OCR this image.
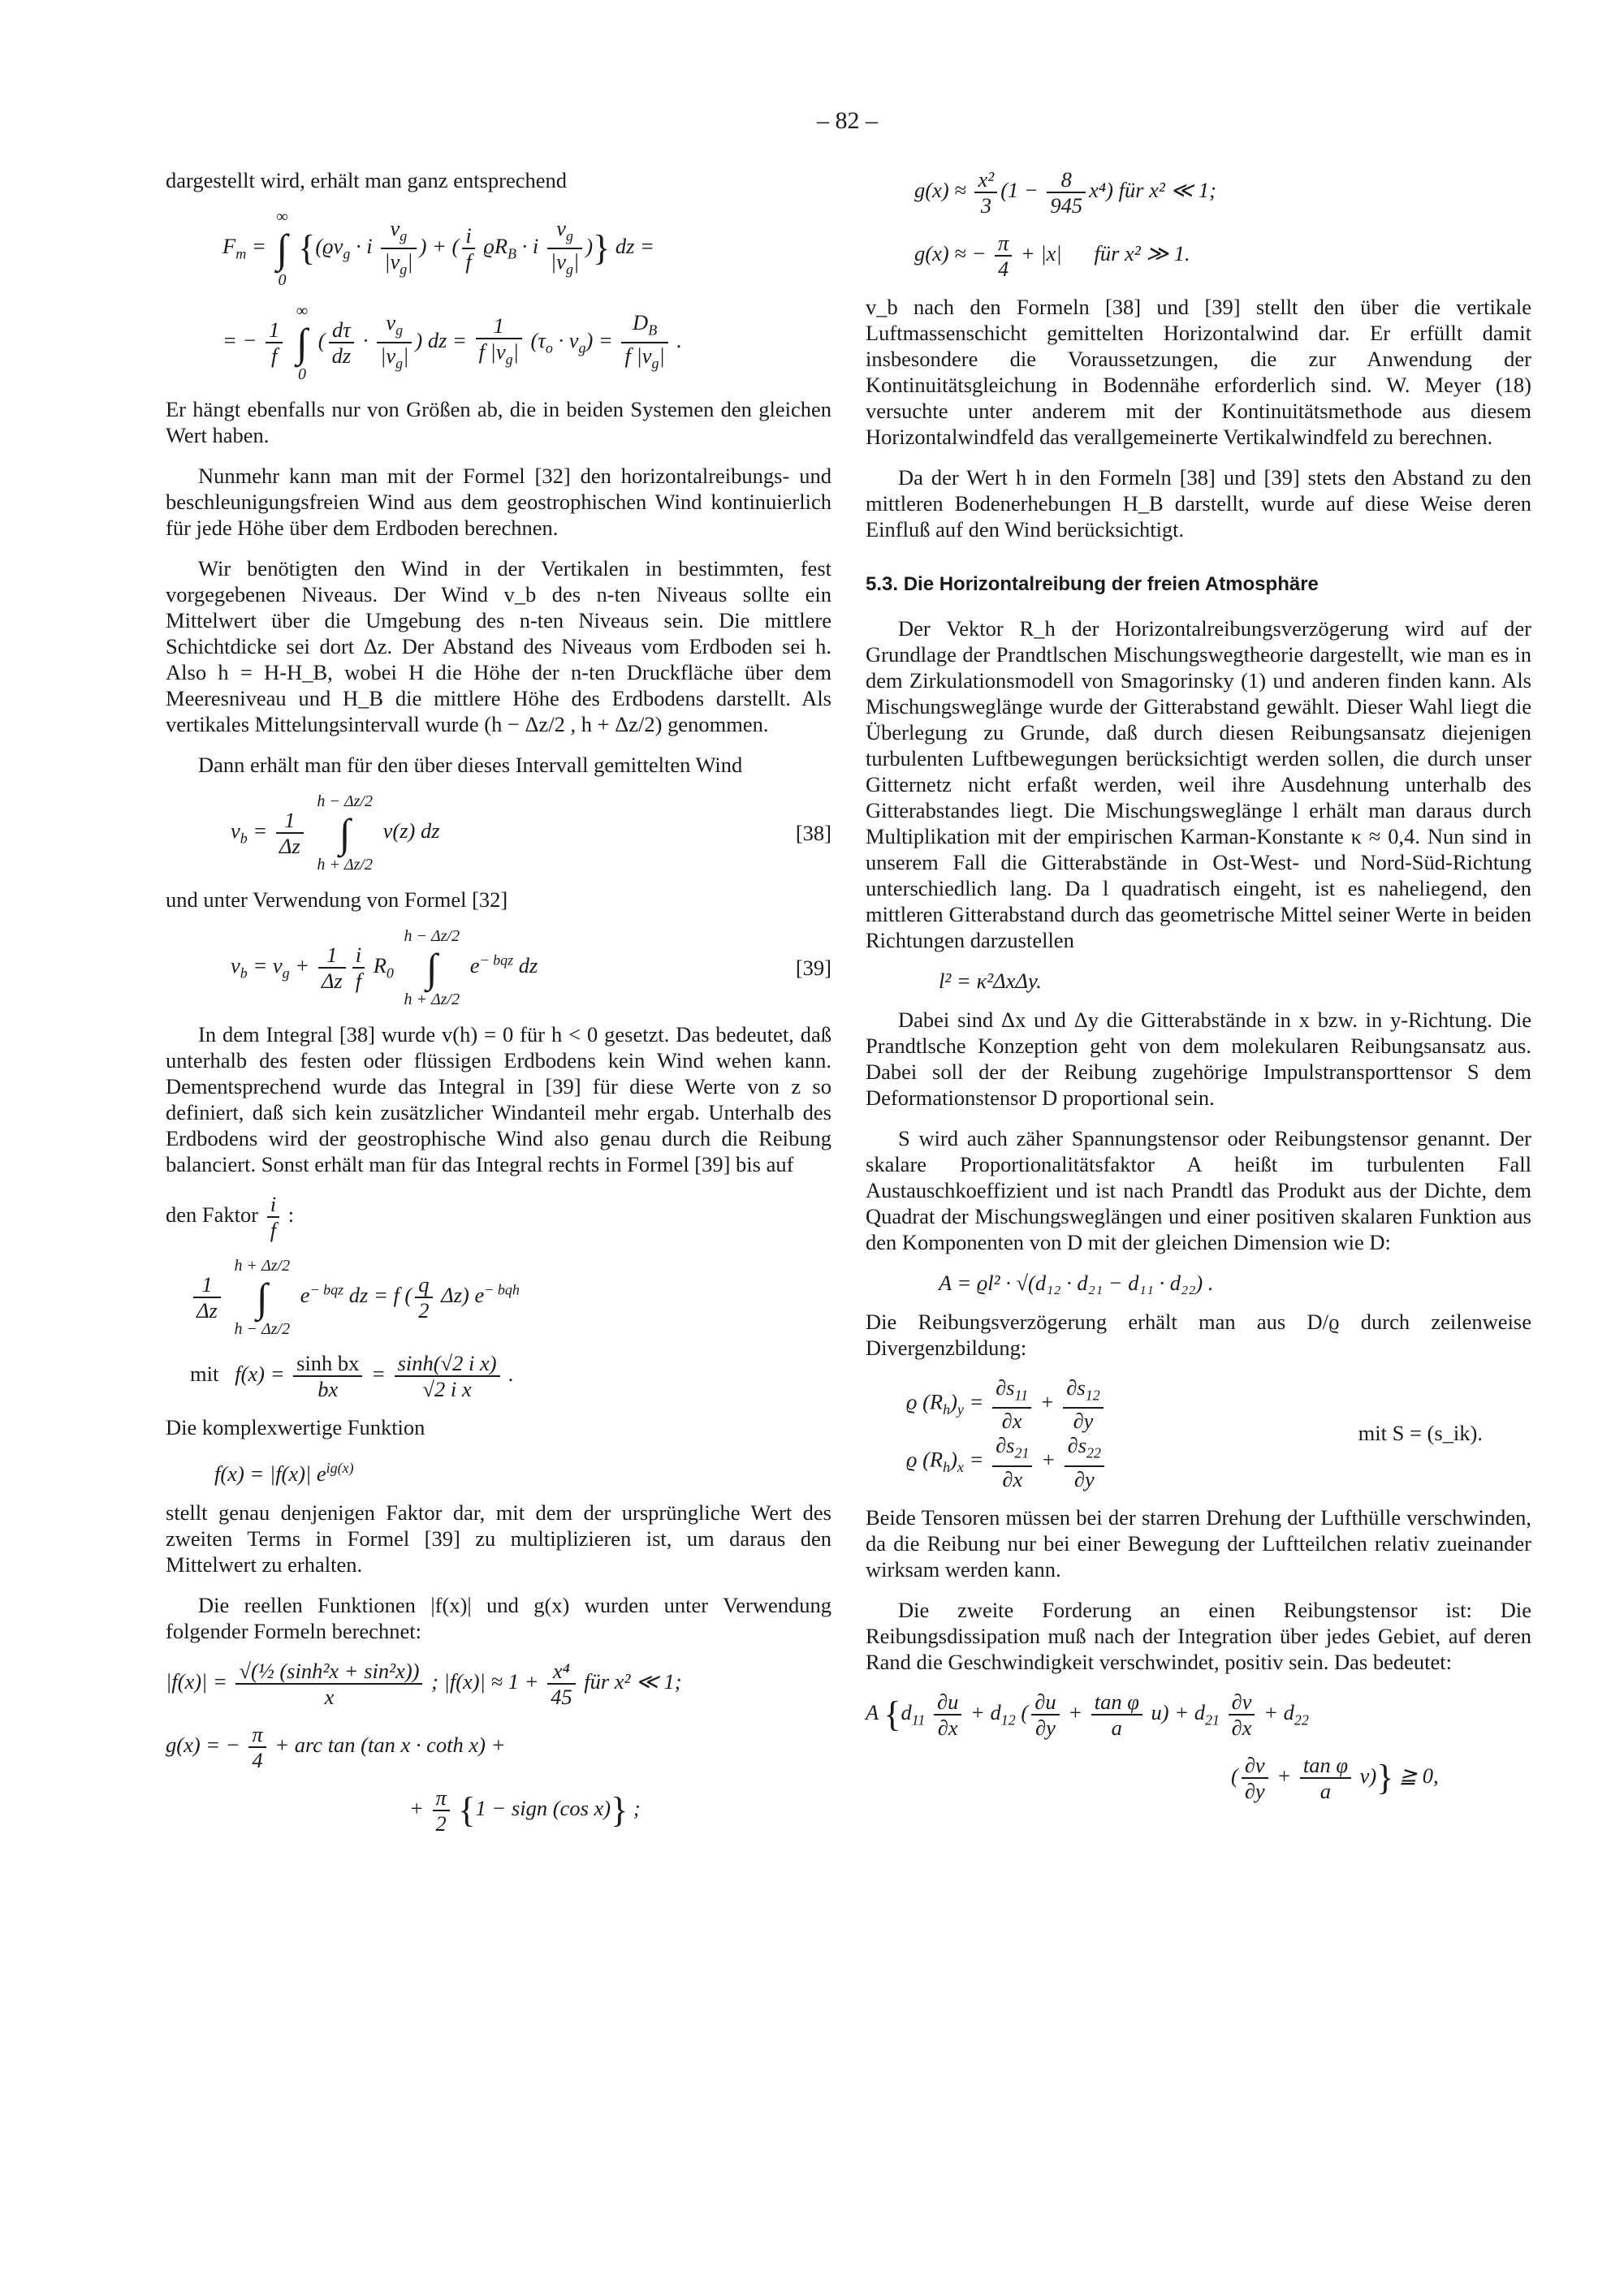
– 82 –

dargestellt wird, erhält man ganz entsprechend

$F_m$ = ∞
∫
0 {($ϱv_g \cdot i \frac{v_g}{|v_g|}$ ) + ( $\frac{i}{f} ϱR_B \cdot i \frac{v_g}{|v_g|}$ )} dz =
= − $\frac{1}{f}$
∞
∫
0 ( $\frac{d\tau}{dz} \cdot \frac{v_g}{|v_g|}$ ) dz = $\frac{1}{f |v_g|} (\tau_o \cdot v_g) = \frac{D_B}{f |v_g|}$ .

Er hängt ebenfalls nur von Größen ab, die in beiden Systemen den gleichen Wert haben.

Nunmehr kann man mit der Formel [32] den horizontalreibungs- und beschleunigungsfreien Wind aus dem geostrophischen Wind kontinuierlich für jede Höhe über dem Erdboden berechnen.

Wir benötigten den Wind in der Vertikalen in bestimmten, fest vorgegebenen Niveaus. Der Wind v_b des n-ten Niveaus sollte ein Mittelwert über die Umgebung des n-ten Niveaus sein. Die mittlere Schichtdicke sei dort Δz. Der Abstand des Niveaus vom Erdboden sei h. Also h = H-H_B, wobei H die Höhe der n-ten Druckfläche über dem Meeresniveau und H_B die mittlere Höhe des Erdbodens darstellt. Als vertikales Mittelungsintervall wurde (h − Δz/2 , h + Δz/2) genommen.

Dann erhält man für den über dieses Intervall gemittelten Wind

$v_b = \frac{1}{\Delta z}$
h − Δz/2
∫
h + Δz/2 v(z) dz	[38]

und unter Verwendung von Formel [32]

$v_b = v_g + \frac{1}{\Delta z} \frac{i}{f} R_0$ h − Δz/2
∫
h + Δz/2 $e^{- bqz}$ dz	[39]

In dem Integral [38] wurde v(h) = 0 für h < 0 gesetzt. Das bedeutet, daß unterhalb des festen oder flüssigen Erdbodens kein Wind wehen kann. Dementsprechend wurde das Integral in [39] für diese Werte von z so definiert, daß sich kein zusätzlicher Windanteil mehr ergab. Unterhalb des Erdbodens wird der geostrophische Wind also genau durch die Reibung balanciert. Sonst erhält man für das Integral rechts in Formel [39] bis auf

den Faktor $\frac{i}{f}$ :

$\frac{1}{\Delta z}$
h + Δz/2
∫
h − Δz/2 $e^{- bqz}$ dz = f ( $\frac{q}{2} \Delta z$) $e^{- bqh}$
mit   $f(x) = \frac{\text{sinh bx}}{bx} = \frac{\text{sinh(√2 i x)}}{\text{√2 i x}}$ .

Die komplexwertige Funktion

f(x) = |f(x)| $e^{ig(x)}$

stellt genau denjenigen Faktor dar, mit dem der ursprüngliche Wert des zweiten Terms in Formel [39] zu multiplizieren ist, um daraus den Mittelwert zu erhalten.

Die reellen Funktionen |f(x)| und g(x) wurden unter Verwendung folgender Formeln berechnet:

$|f(x)| = \frac{\text{√(½ (sinh²x + sin²x))}}{x}$ ; $|f(x)| \approx 1 + \frac{\text{x⁴}}{45}$ für x² ≪ 1;
g(x) = − $\frac{\pi}{4}$ + arc tan (tan x · coth x) +
+ $\frac{\pi}{2} \{1$ − sign (cos x)} ;
$g(x) \approx \frac{\text{x²}}{3} (1 - \frac{8}{945} x^4)$ für x² ≪ 1;
g(x) ≈ − $\frac{\pi}{4} + |x|$      für x² ≫ 1.

v_b nach den Formeln [38] und [39] stellt den über die vertikale Luftmassenschicht gemittelten Horizontalwind dar. Er erfüllt damit insbesondere die Voraussetzungen, die zur Anwendung der Kontinuitätsgleichung in Bodennähe erforderlich sind. W. Meyer (18) versuchte unter anderem mit der Kontinuitätsmethode aus diesem Horizontalwindfeld das verallgemeinerte Vertikalwindfeld zu berechnen.

Da der Wert h in den Formeln [38] und [39] stets den Abstand zu den mittleren Bodenerhebungen H_B darstellt, wurde auf diese Weise deren Einfluß auf den Wind berücksichtigt.

5.3. Die Horizontalreibung der freien Atmosphäre

Der Vektor R_h der Horizontalreibungsverzögerung wird auf der Grundlage der Prandtlschen Mischungswegtheorie dargestellt, wie man es in dem Zirkulationsmodell von Smagorinsky (1) und anderen finden kann. Als Mischungsweglänge wurde der Gitterabstand gewählt. Dieser Wahl liegt die Überlegung zu Grunde, daß durch diesen Reibungsansatz diejenigen turbulenten Luftbewegungen berücksichtigt werden sollen, die durch unser Gitternetz nicht erfaßt werden, weil ihre Ausdehnung unterhalb des Gitterabstandes liegt. Die Mischungsweglänge l erhält man daraus durch Multiplikation mit der empirischen Karman-Konstante κ ≈ 0,4. Nun sind in unserem Fall die Gitterabstände in Ost-West- und Nord-Süd-Richtung unterschiedlich lang. Da l quadratisch eingeht, ist es naheliegend, den mittleren Gitterabstand durch das geometrische Mittel seiner Werte in beiden Richtungen darzustellen

l² = κ²ΔxΔy.

Dabei sind Δx und Δy die Gitterabstände in x bzw. in y-Richtung. Die Prandtlsche Konzeption geht von dem molekularen Reibungsansatz aus. Dabei soll der der Reibung zugehörige Impulstransporttensor S dem Deformationstensor D proportional sein.

S wird auch zäher Spannungstensor oder Reibungstensor genannt. Der skalare Proportionalitätsfaktor A heißt im turbulenten Fall Austauschkoeffizient und ist nach Prandtl das Produkt aus der Dichte, dem Quadrat der Mischungsweglängen und einer positiven skalaren Funktion aus den Komponenten von D mit der gleichen Dimension wie D:

A = ϱl² · √(d₁₂ · d₂₁ − d₁₁ · d₂₂) .

Die Reibungsverzögerung erhält man aus D/ϱ durch zeilenweise Divergenzbildung:

ϱ $(R_h)_y = \frac{\partial s_{11}}{\partial x} + \frac{\partial s_{12}}{\partial y}$
ϱ $(R_h)_x = \frac{\partial s_{21}}{\partial x} + \frac{\partial s_{22}}{\partial y}$	mit S = (s_ik).

Beide Tensoren müssen bei der starren Drehung der Lufthülle verschwinden, da die Reibung nur bei einer Bewegung der Luftteilchen relativ zueinander wirksam werden kann.

Die zweite Forderung an einen Reibungstensor ist: Die Reibungsdissipation muß nach der Integration über jedes Gebiet, auf deren Rand die Geschwindigkeit verschwindet, positiv sein. Das bedeutet:

A {$d_{11} \frac{\partial u}{\partial x} + d_{12}$ ( $\frac{\partial u}{\partial y} + \frac{\text{tan φ}}{a} u) + d_{21} \frac{\partial v}{\partial x} + d_{22}$
( $\frac{\partial v}{\partial y} + \frac{\text{tan φ}}{a} v$)} ≧ 0,
